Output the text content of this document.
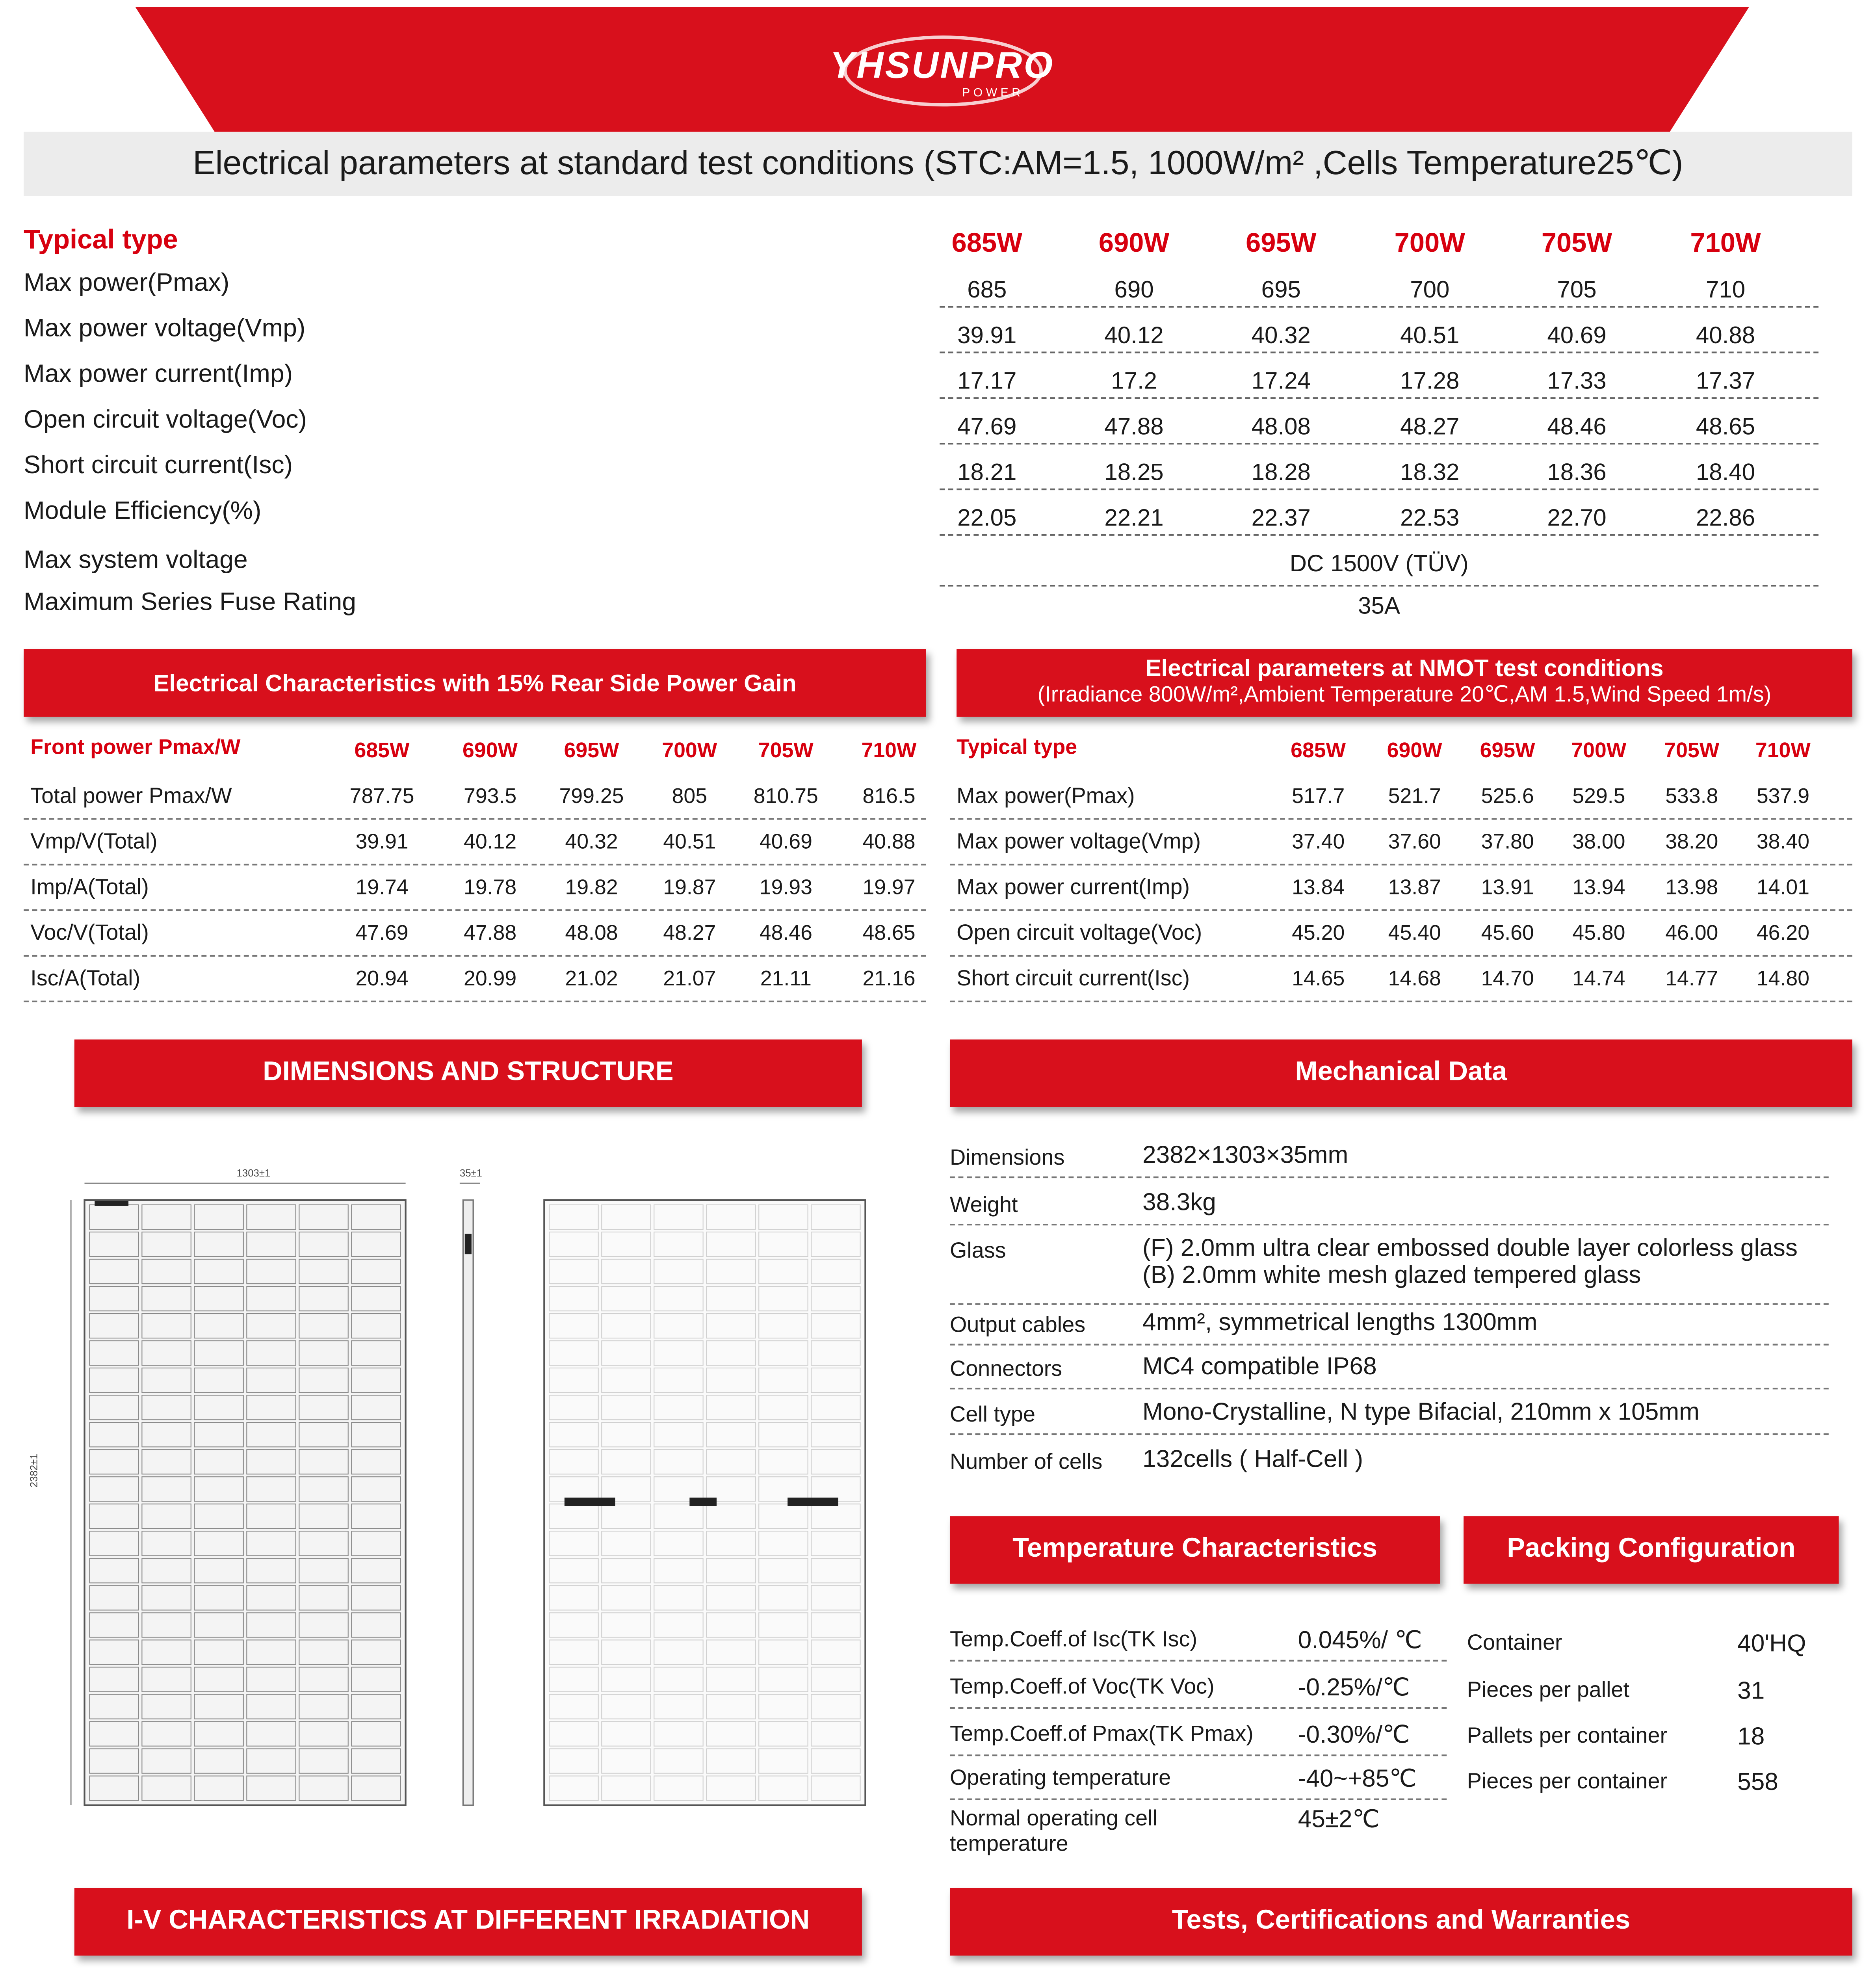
YHSUNPRO
POWER
Electrical parameters at standard test conditions (STC:AM=1.5, 1000W/m² ,Cells Temperature25℃)
Typical type	685W	690W	695W	700W	705W	710W
Max power(Pmax)	685	690	695	700	705	710
Max power voltage(Vmp)	39.91	40.12	40.32	40.51	40.69	40.88
Max power current(Imp)	17.17	17.2	17.24	17.28	17.33	17.37
Open circuit voltage(Voc)	47.69	47.88	48.08	48.27	48.46	48.65
Short circuit current(Isc)	18.21	18.25	18.28	18.32	18.36	18.40
Module Efficiency(%)	22.05	22.21	22.37	22.53	22.70	22.86
Max system voltage	DC 1500V (TÜV)
Maximum Series Fuse Rating	35A
Electrical Characteristics with 15% Rear Side Power Gain
Front power Pmax/W	685W	690W	695W	700W	705W	710W
Total power Pmax/W	787.75	793.5	799.25	805	810.75	816.5
Vmp/V(Total)	39.91	40.12	40.32	40.51	40.69	40.88
Imp/A(Total)	19.74	19.78	19.82	19.87	19.93	19.97
Voc/V(Total)	47.69	47.88	48.08	48.27	48.46	48.65
Isc/A(Total)	20.94	20.99	21.02	21.07	21.11	21.16
Electrical parameters at NMOT test conditions
(Irradiance 800W/m²,Ambient Temperature 20℃,AM 1.5,Wind Speed 1m/s)
Typical type	685W	690W	695W	700W	705W	710W
Max power(Pmax)	517.7	521.7	525.6	529.5	533.8	537.9
Max power voltage(Vmp)	37.40	37.60	37.80	38.00	38.20	38.40
Max power current(Imp)	13.84	13.87	13.91	13.94	13.98	14.01
Open circuit voltage(Voc)	45.20	45.40	45.60	45.80	46.00	46.20
Short circuit current(Isc)	14.65	14.68	14.70	14.74	14.77	14.80
DIMENSIONS AND STRUCTURE
1303±1	35±1
2382±1
Mechanical Data
Dimensions	2382×1303×35mm
Weight	38.3kg
Glass	(F) 2.0mm ultra clear embossed double layer colorless glass
(B) 2.0mm white mesh glazed tempered glass
Output cables	4mm², symmetrical lengths 1300mm
Connectors	MC4 compatible IP68
Cell type	Mono-Crystalline, N type Bifacial, 210mm x 105mm
Number of cells	132cells ( Half-Cell )
Temperature Characteristics
Temp.Coeff.of Isc(TK Isc)	0.045%/ ℃
Temp.Coeff.of Voc(TK Voc)	-0.25%/℃
Temp.Coeff.of Pmax(TK Pmax)	-0.30%/℃
Operating temperature	-40~+85℃
Normal operating cell
temperature
45±2℃
Packing Configuration
Container	40'HQ
Pieces per pallet	31
Pallets per container	18
Pieces per container	558
I-V CHARACTERISTICS AT DIFFERENT IRRADIATION	Tests, Certifications and Warranties
